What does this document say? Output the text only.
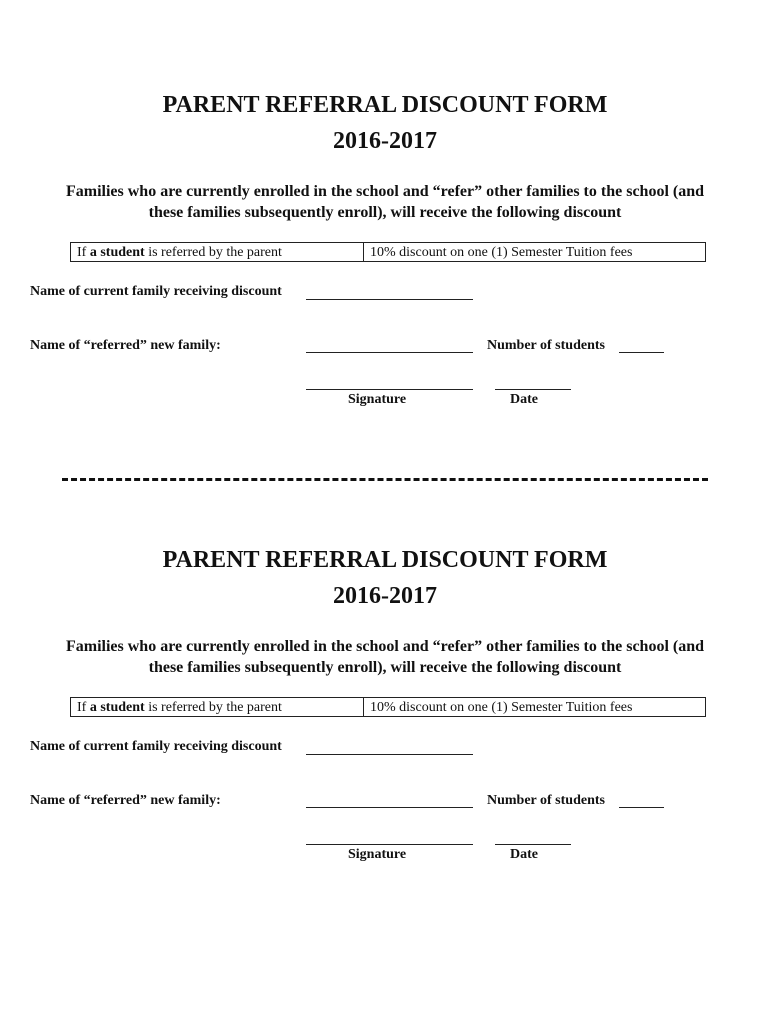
PARENT REFERRAL DISCOUNT FORM
2016-2017
Families who are currently enrolled in the school and “refer” other families to the school (and
these families subsequently enroll), will receive the following discount
If a student is referred by the parent	10% discount on one (1) Semester Tuition fees
Name of current family receiving discount
Name of “referred” new family:	Number of students
Signature	Date
PARENT REFERRAL DISCOUNT FORM
2016-2017
Families who are currently enrolled in the school and “refer” other families to the school (and
these families subsequently enroll), will receive the following discount
If a student is referred by the parent	10% discount on one (1) Semester Tuition fees
Name of current family receiving discount
Name of “referred” new family:	Number of students
Signature	Date
